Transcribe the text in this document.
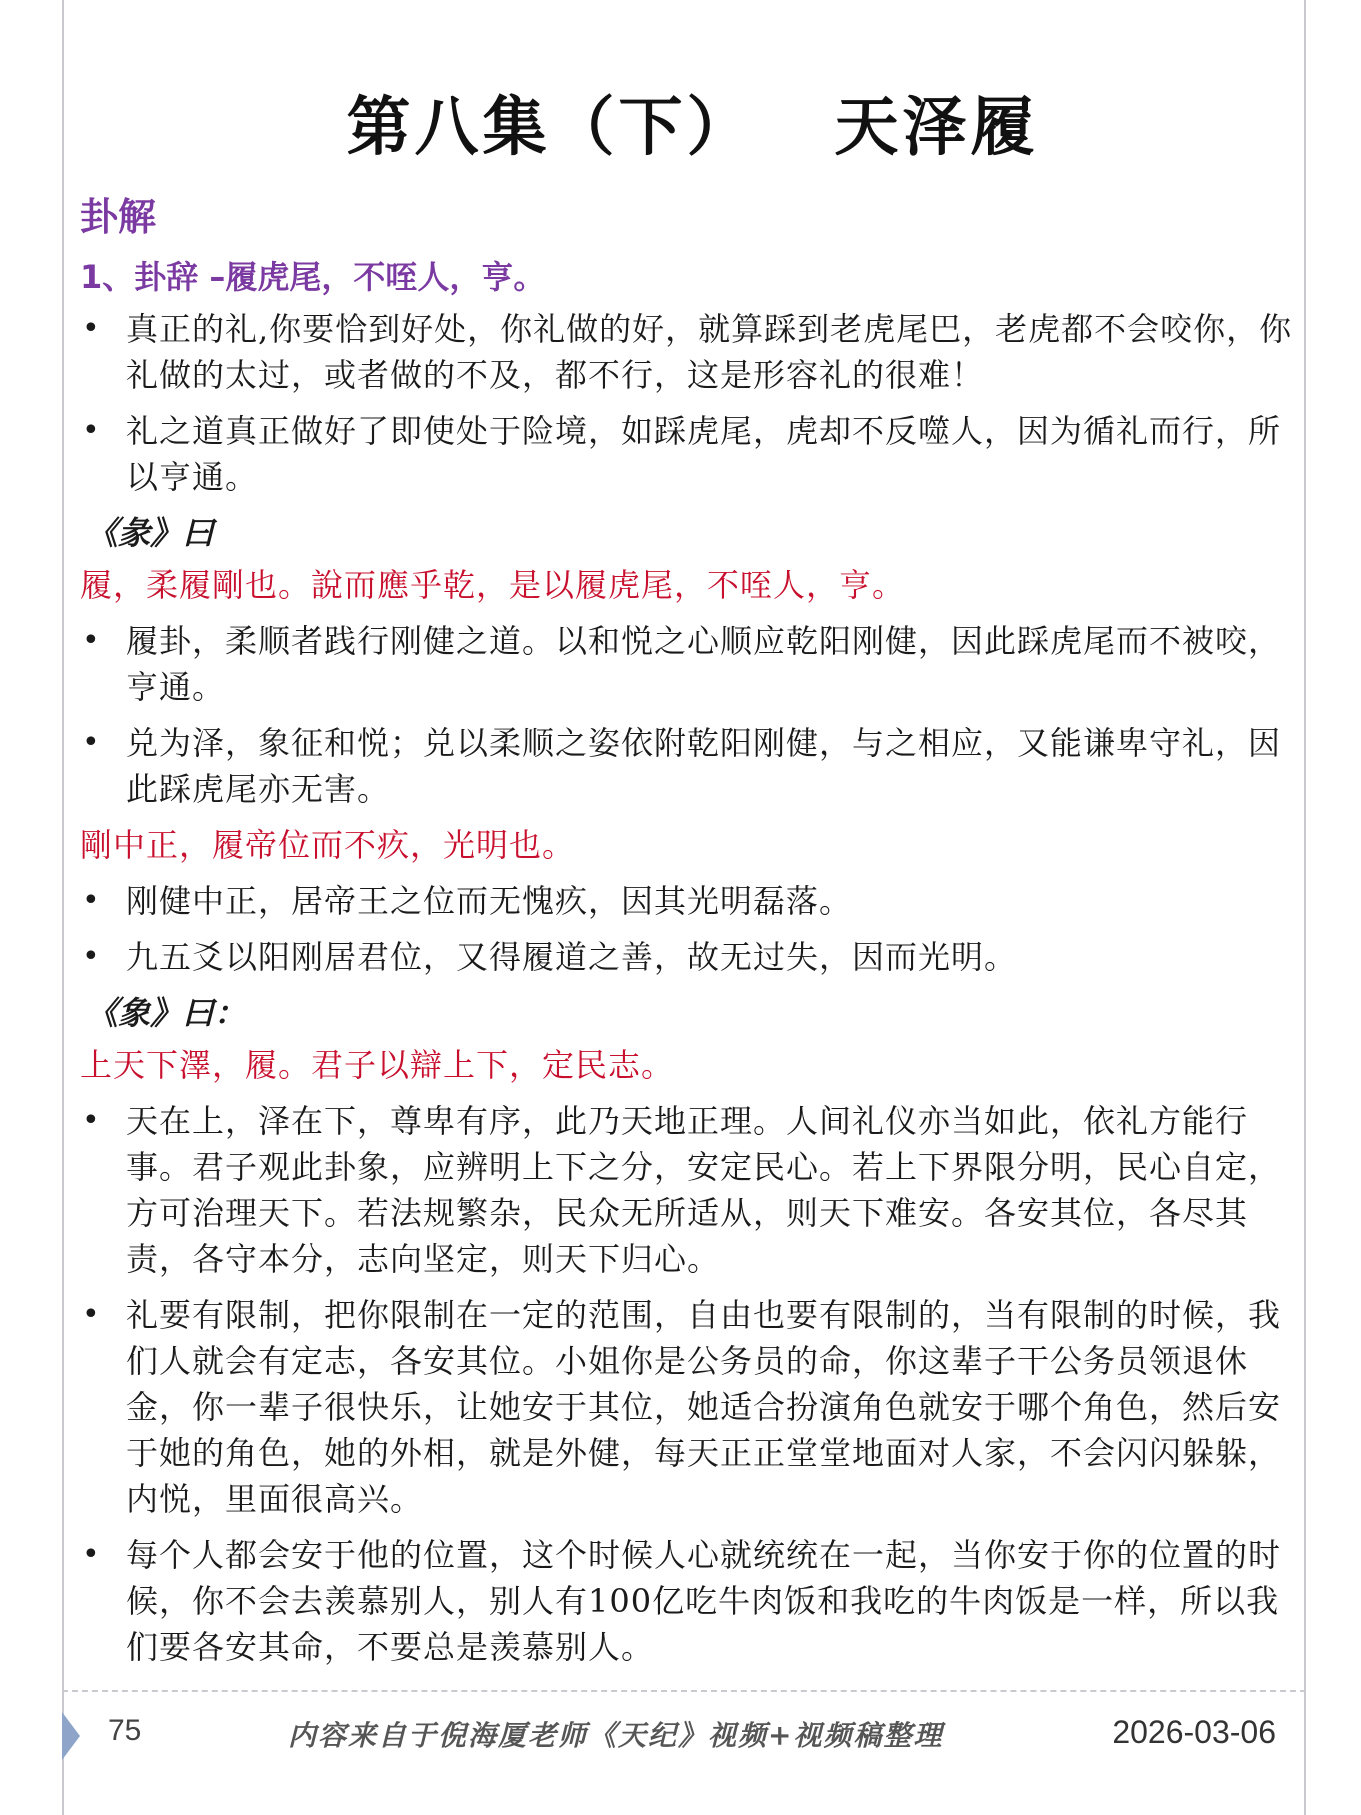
第八集（下） 天泽履
卦解
1、卦辞 –履虎尾，不咥人，亨。
• 真正的礼,你要恰到好处，你礼做的好，就算踩到老虎尾巴，老虎都不会咬你，你礼做的太过，或者做的不及，都不行，这是形容礼的很难！
• 礼之道真正做好了即使处于险境，如踩虎尾，虎却不反噬人，因为循礼而行，所以亨通。
《彖》曰
履，柔履剛也。說而應乎乾，是以履虎尾，不咥人，亨。
• 履卦，柔顺者践行刚健之道。以和悦之心顺应乾阳刚健，因此踩虎尾而不被咬，亨通。
• 兑为泽，象征和悦；兑以柔顺之姿依附乾阳刚健，与之相应，又能谦卑守礼，因此踩虎尾亦无害。
剛中正，履帝位而不疚，光明也。
• 刚健中正，居帝王之位而无愧疚，因其光明磊落。
• 九五爻以阳刚居君位，又得履道之善，故无过失，因而光明。
《象》曰：
上天下澤，履。君子以辯上下，定民志。
• 天在上，泽在下，尊卑有序，此乃天地正理。人间礼仪亦当如此，依礼方能行事。君子观此卦象，应辨明上下之分，安定民心。若上下界限分明，民心自定，方可治理天下。若法规繁杂，民众无所适从，则天下难安。各安其位，各尽其责，各守本分，志向坚定，则天下归心。
• 礼要有限制，把你限制在一定的范围，自由也要有限制的，当有限制的时候，我们人就会有定志，各安其位。小姐你是公务员的命，你这辈子干公务员领退休金，你一辈子很快乐，让她安于其位，她适合扮演角色就安于哪个角色，然后安于她的角色，她的外相，就是外健，每天正正堂堂地面对人家，不会闪闪躲躲，内悦，里面很高兴。
• 每个人都会安于他的位置，这个时候人心就统统在一起，当你安于你的位置的时候，你不会去羡慕别人，别人有100亿吃牛肉饭和我吃的牛肉饭是一样，所以我们要各安其命，不要总是羡慕别人。
75	内容来自于倪海厦老师《天纪》视频+视频稿整理	2026-03-06
